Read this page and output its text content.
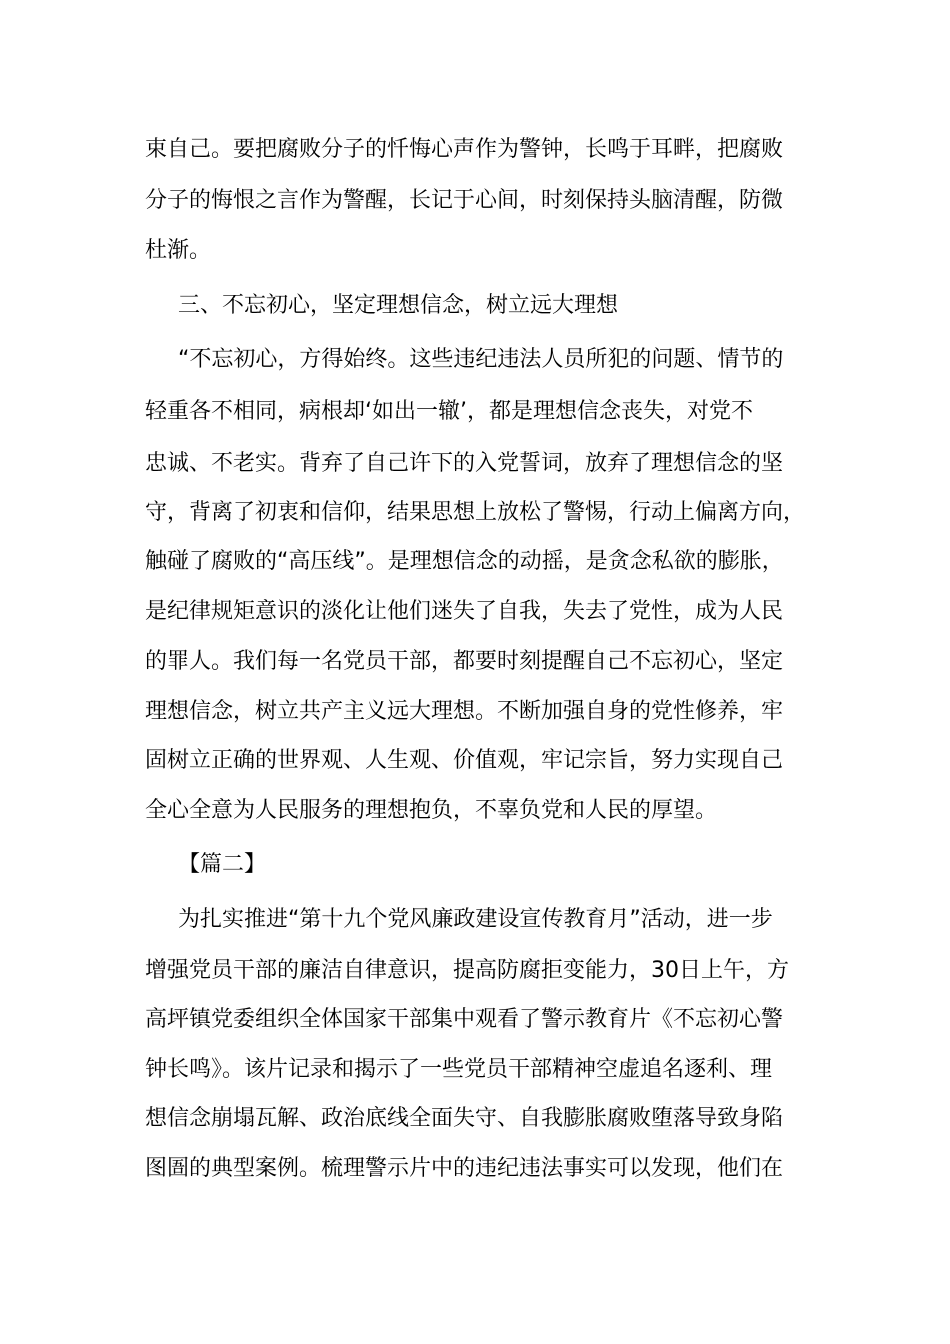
束自己。要把腐败分子的忏悔心声作为警钟，长鸣于耳畔，把腐败
分子的悔恨之言作为警醒，长记于心间，时刻保持头脑清醒，防微
杜渐。
三、不忘初心，坚定理想信念，树立远大理想
“不忘初心，方得始终。这些违纪违法人员所犯的问题、情节的
轻重各不相同，病根却‘如出一辙’，都是理想信念丧失，对党不
忠诚、不老实。背弃了自己许下的入党誓词，放弃了理想信念的坚
守，背离了初衷和信仰，结果思想上放松了警惕，行动上偏离方向，
触碰了腐败的“高压线”。是理想信念的动摇，是贪念私欲的膨胀，
是纪律规矩意识的淡化让他们迷失了自我，失去了党性，成为人民
的罪人。我们每一名党员干部，都要时刻提醒自己不忘初心，坚定
理想信念，树立共产主义远大理想。不断加强自身的党性修养，牢
固树立正确的世界观、人生观、价值观，牢记宗旨，努力实现自己
全心全意为人民服务的理想抱负，不辜负党和人民的厚望。
【篇二】
为扎实推进“第十九个党风廉政建设宣传教育月”活动，进一步
增强党员干部的廉洁自律意识，提高防腐拒变能力，30日上午，方
高坪镇党委组织全体国家干部集中观看了警示教育片《不忘初心警
钟长鸣》。该片记录和揭示了一些党员干部精神空虚追名逐利、理
想信念崩塌瓦解、政治底线全面失守、自我膨胀腐败堕落导致身陷
图圄的典型案例。梳理警示片中的违纪违法事实可以发现，他们在
